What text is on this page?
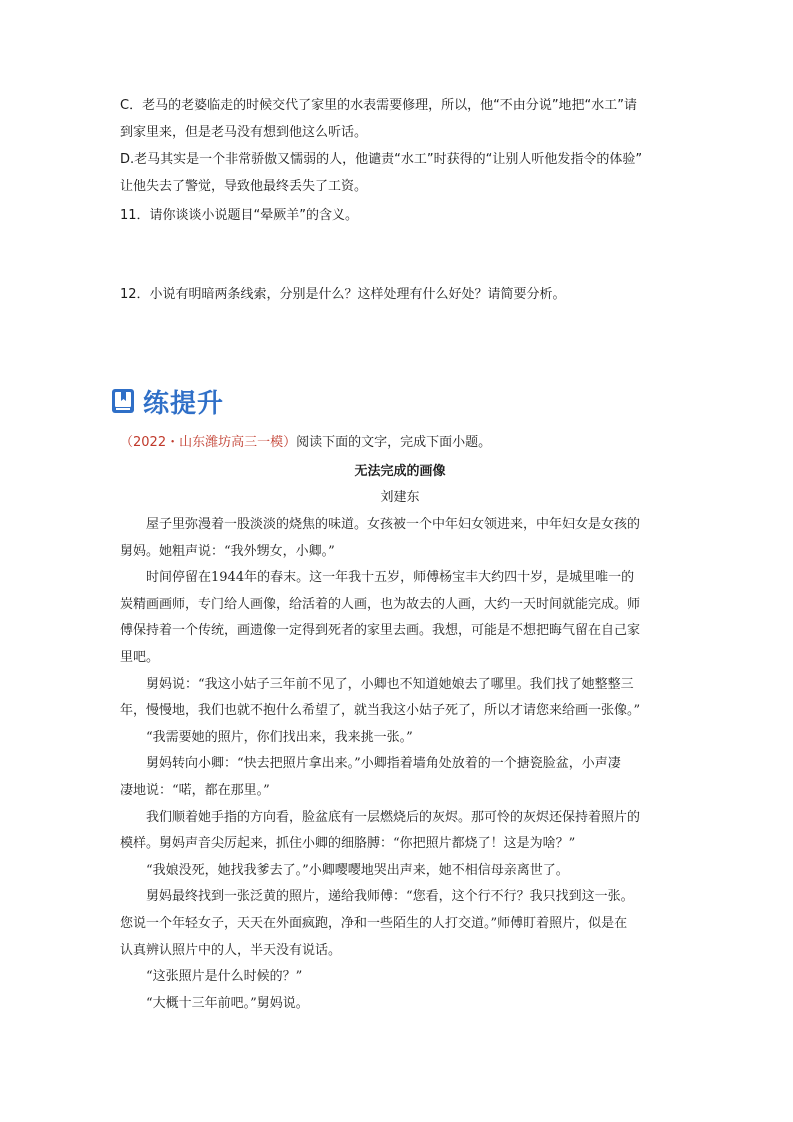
C．老马的老婆临走的时候交代了家里的水表需要修理，所以，他“不由分说”地把“水工”请
到家里来，但是老马没有想到他这么听话。
D.老马其实是一个非常骄傲又懦弱的人，他谴责“水工”时获得的“让别人听他发指令的体验”
让他失去了警觉，导致他最终丢失了工资。
11．请你谈谈小说题目“晕厥羊”的含义。
12．小说有明暗两条线索，分别是什么？这样处理有什么好处？请简要分析。
练提升
（2022・山东潍坊高三一模）阅读下面的文字，完成下面小题。
无法完成的画像
刘建东
　　屋子里弥漫着一股淡淡的烧焦的味道。女孩被一个中年妇女领进来，中年妇女是女孩的
舅妈。她粗声说：“我外甥女，小卿。”
　　时间停留在1944年的春末。这一年我十五岁，师傅杨宝丰大约四十岁，是城里唯一的
炭精画画师，专门给人画像，给活着的人画，也为故去的人画，大约一天时间就能完成。师
傅保持着一个传统，画遗像一定得到死者的家里去画。我想，可能是不想把晦气留在自己家
里吧。
　　舅妈说：“我这小姑子三年前不见了，小卿也不知道她娘去了哪里。我们找了她整整三
年，慢慢地，我们也就不抱什么希望了，就当我这小姑子死了，所以才请您来给画一张像。”
　　“我需要她的照片，你们找出来，我来挑一张。”
　　舅妈转向小卿：“快去把照片拿出来。”小卿指着墙角处放着的一个搪瓷脸盆，小声凄
凄地说：“喏，都在那里。”
　　我们顺着她手指的方向看，脸盆底有一层燃烧后的灰烬。那可怜的灰烬还保持着照片的
模样。舅妈声音尖厉起来，抓住小卿的细胳膊：“你把照片都烧了！这是为啥？”
　　“我娘没死，她找我爹去了。”小卿嘤嘤地哭出声来，她不相信母亲离世了。
　　舅妈最终找到一张泛黄的照片，递给我师傅：“您看，这个行不行？我只找到这一张。
您说一个年轻女子，天天在外面疯跑，净和一些陌生的人打交道。”师傅盯着照片，似是在
认真辨认照片中的人，半天没有说话。
　　“这张照片是什么时候的？”
　　“大概十三年前吧。”舅妈说。
